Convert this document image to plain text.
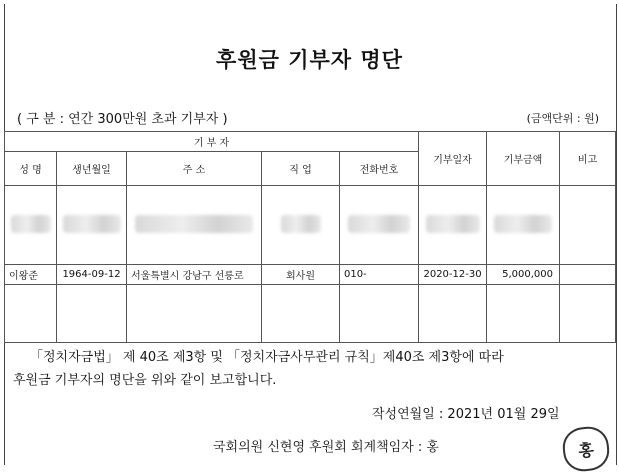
후원금 기부자 명단
( 구 분 : 연간 300만원 초과 기부자 )	(금액단위 : 원)
기 부 자					기부일자	기부금액	비고
성 명	생년월일	주 소	직 업	전화번호			

이왕준	1964-09-12	서울특별시 강남구 선릉로	회사원	010-	2020-12-30	5,000,000	

「정치자금법」 제 40조 제3항 및 「정치자금사무관리 규칙」제40조 제3항에 따라
후원금 기부자의 명단을 위와 같이 보고합니다.
작성연월일 : 2021년 01월 29일
국회의원 신현영 후원회 회계책임자 : 홍	홍
